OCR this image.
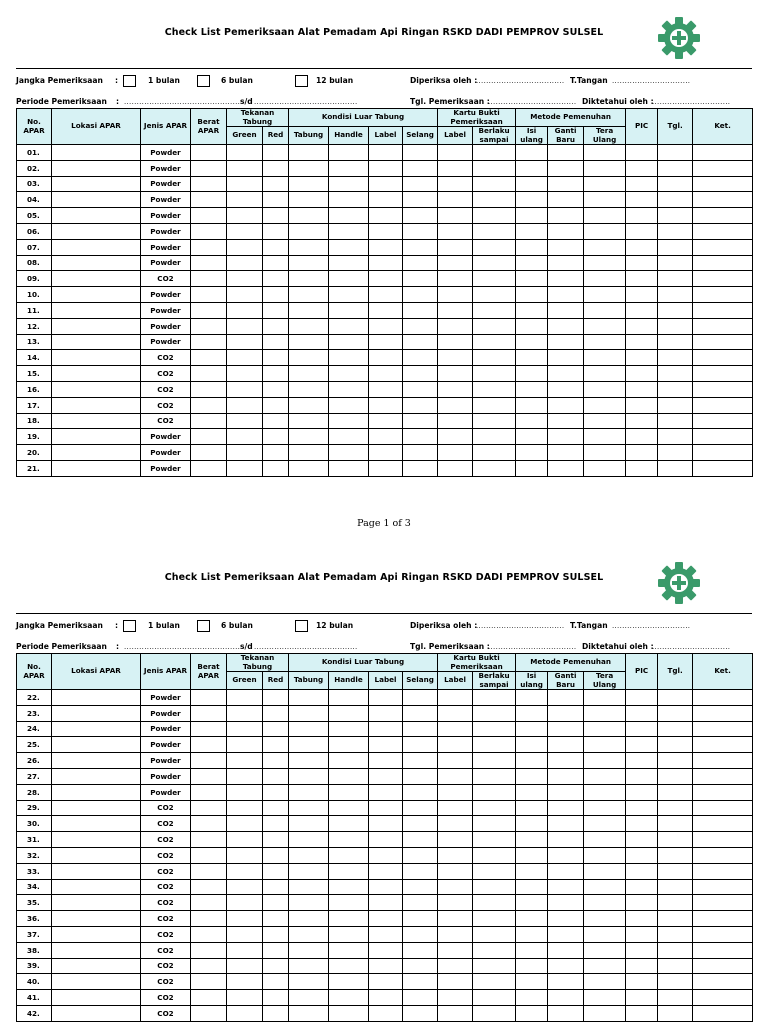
Check List Pemeriksaan Alat Pemadam Api Ringan RSKD DADI PEMPROV SULSEL
Jangka Pemeriksaan :	1 bulan	6 bulan	12 bulan	Diperiksa oleh :
................................... T.Tangan ...............................
Periode Pemeriksaan : .............................................. s/d .........................................	Tgl. Pemeriksaan :
................................... Diktetahui oleh :
...............................
No. APAR	Lokasi APAR	Jenis APAR	Berat APAR	Tekanan Tabung		Kondisi Luar Tabung				Kartu Bukti Pemeriksaan		Metode Pemenuhan			PIC	Tgl.	Ket.
				Green	Red	Tabung	Handle	Label	Selang	Label	Berlaku sampai	Isi ulang	Ganti Baru	Tera Ulang			
01.		Powder															
02.		Powder															
03.		Powder															
04.		Powder															
05.		Powder															
06.		Powder															
07.		Powder															
08.		Powder															
09.		CO2															
10.		Powder															
11.		Powder															
12.		Powder															
13.		Powder															
14.		CO2															
15.		CO2															
16.		CO2															
17.		CO2															
18.		CO2															
19.		Powder															
20.		Powder															
21.		Powder															
Page 1 of 3
Check List Pemeriksaan Alat Pemadam Api Ringan RSKD DADI PEMPROV SULSEL
Jangka Pemeriksaan :	1 bulan	6 bulan	12 bulan	Diperiksa oleh :
................................... T.Tangan ...............................
Periode Pemeriksaan : .............................................. s/d .........................................	Tgl. Pemeriksaan :
................................... Diktetahui oleh :
...............................
No. APAR	Lokasi APAR	Jenis APAR	Berat APAR	Tekanan Tabung		Kondisi Luar Tabung				Kartu Bukti Pemeriksaan		Metode Pemenuhan			PIC	Tgl.	Ket.
				Green	Red	Tabung	Handle	Label	Selang	Label	Berlaku sampai	Isi ulang	Ganti Baru	Tera Ulang			
22.		Powder															
23.		Powder															
24.		Powder															
25.		Powder															
26.		Powder															
27.		Powder															
28.		Powder															
29.		CO2															
30.		CO2															
31.		CO2															
32.		CO2															
33.		CO2															
34.		CO2															
35.		CO2															
36.		CO2															
37.		CO2															
38.		CO2															
39.		CO2															
40.		CO2															
41.		CO2															
42.		CO2															
